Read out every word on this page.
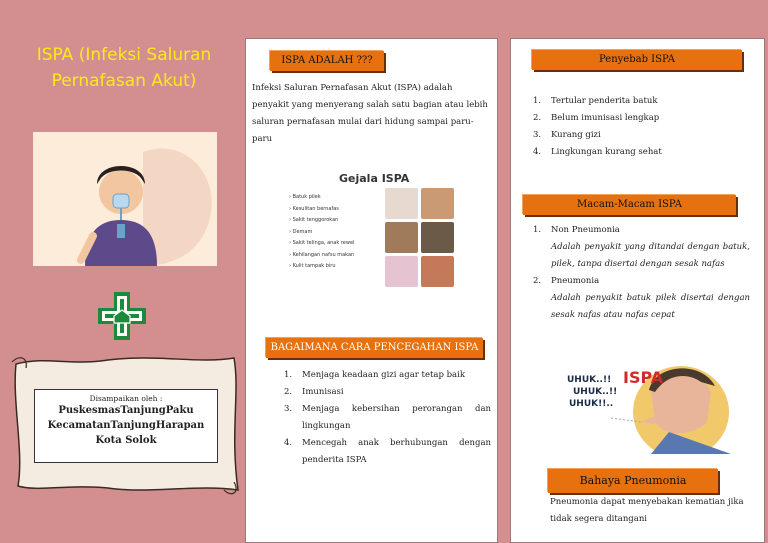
ISPA (Infeksi Saluran Pernafasan Akut)
Disampaikan oleh :
PuskesmasTanjungPaku
KecamatanTanjungHarapan
Kota Solok
ISPA ADALAH ???
Infeksi Saluran Pernafasan Akut (ISPA) adalah penyakit yang menyerang salah satu bagian atau lebih saluran pernafasan mulai dari hidung sampai paru-paru
Gejala ISPA
› Batuk pilek
› Kesulitan bernafas
› Sakit tenggorokan
› Demam
› Sakit telinga, anak rewel
› Kehilangan nafsu makan
› Kulit tampak biru
BAGAIMANA CARA PENCEGAHAN ISPA
1. Menjaga keadaan gizi agar tetap baik
2. Imunisasi
3. Menjaga kebersihan perorangan dan lingkungan
4. Mencegah anak berhubungan dengan penderita ISPA
Penyebab ISPA
1. Tertular penderita batuk
2. Belum imunisasi lengkap
3. Kurang gizi
4. Lingkungan kurang sehat
Macam-Macam ISPA
1. Non Pneumonia
Adalah penyakit yang ditandai dengan batuk, pilek, tanpa disertai dengan sesak nafas
2. Pneumonia
Adalah penyakit batuk pilek disertai dengan sesak nafas atau nafas cepat
ISPA
UHUK..!!
UHUK..!!
UHUK!!..
Bahaya Pneumonia
Pneumonia dapat menyebakan kematian jika tidak segera ditangani
